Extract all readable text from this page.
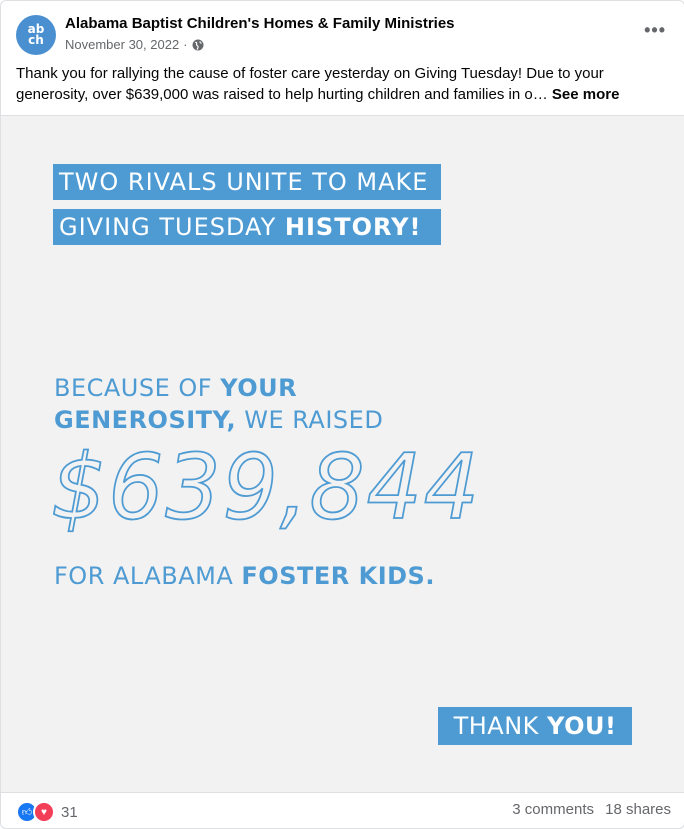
ab
ch
Alabama Baptist Children's Homes & Family Ministries
November 30, 2022 ·
•••
Thank you for rallying the cause of foster care yesterday on Giving Tuesday! Due to your generosity, over $639,000 was raised to help hurting children and families in o… See more
TWO RIVALS UNITE TO MAKE
GIVING TUESDAY HISTORY!
BECAUSE OF YOUR
GENEROSITY, WE RAISED
$639,844
FOR ALABAMA FOSTER KIDS.
THANK YOU!
👍︎ ♥ 31	3 comments 18 shares
